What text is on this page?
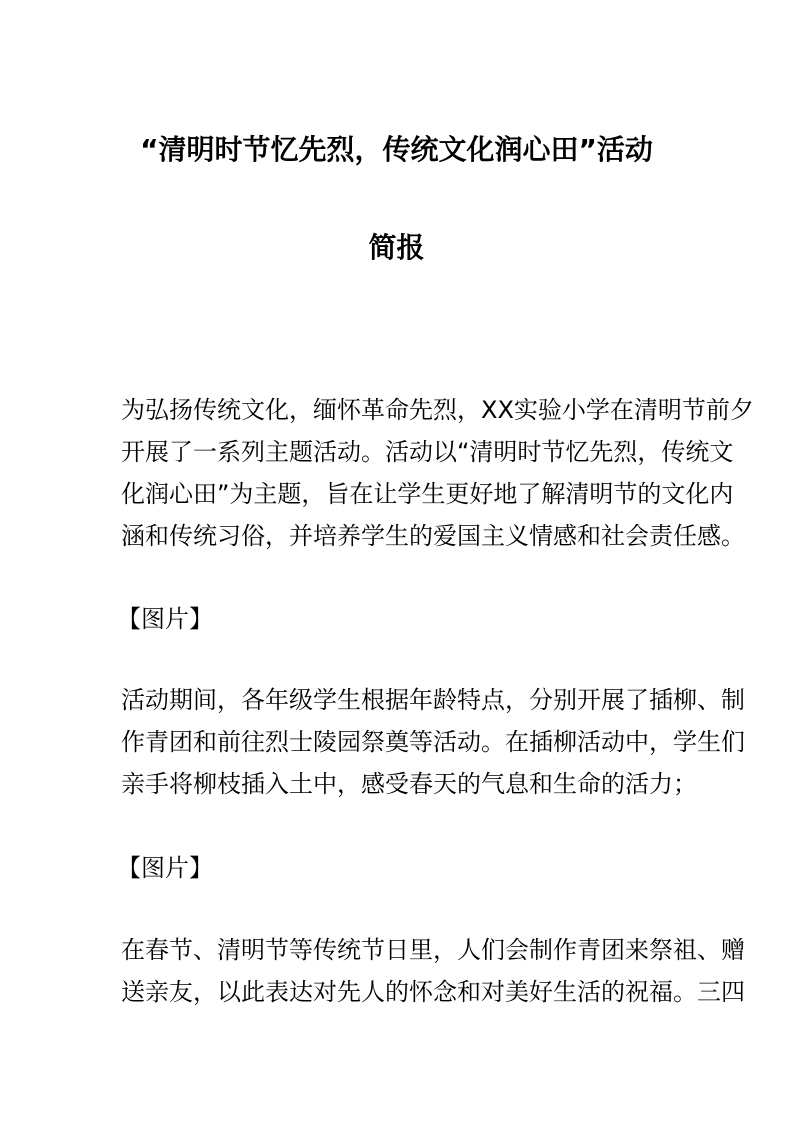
“清明时节忆先烈，传统文化润心田”活动
简报
为弘扬传统文化，缅怀革命先烈，XX实验小学在清明节前夕
开展了一系列主题活动。活动以“清明时节忆先烈，传统文
化润心田”为主题，旨在让学生更好地了解清明节的文化内
涵和传统习俗，并培养学生的爱国主义情感和社会责任感。
【图片】
活动期间，各年级学生根据年龄特点，分别开展了插柳、制
作青团和前往烈士陵园祭奠等活动。在插柳活动中，学生们
亲手将柳枝插入土中，感受春天的气息和生命的活力；
【图片】
在春节、清明节等传统节日里，人们会制作青团来祭祖、赠
送亲友，以此表达对先人的怀念和对美好生活的祝福。三四
